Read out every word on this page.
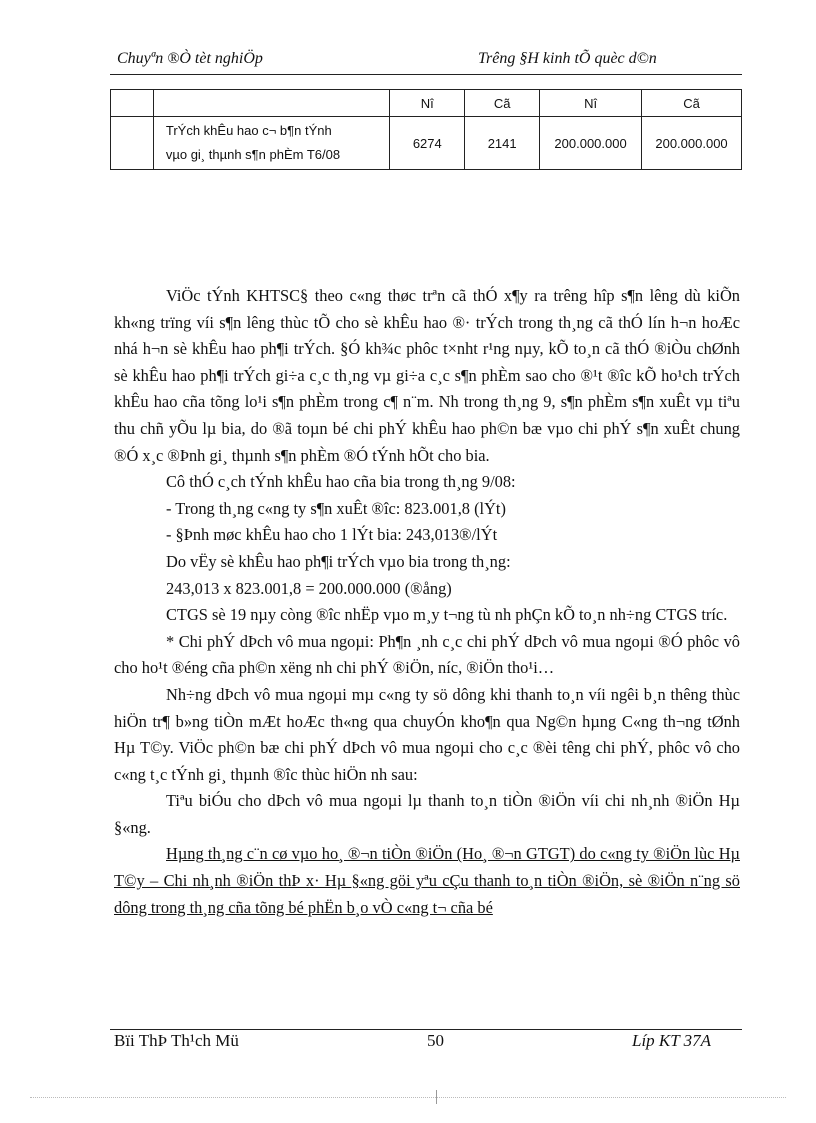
Chuyªn ®Ò tèt nghiÖp	Trêng §H kinh tÕ quèc d©n
		Nî	Cã	Nî	Cã

	TrÝch khÊu hao c¬ b¶n tÝnh
vµo gi¸ thµnh s¶n phÈm T6/08	6274	2141	200.000.000	200.000.000

ViÖc tÝnh KHTSC§ theo c«ng thøc trªn cã thÓ x¶y ra trêng hîp s¶n lêng dù kiÕn kh«ng trïng víi s¶n lêng thùc tÕ cho sè khÊu hao ®· trÝch trong th¸ng cã thÓ lín h¬n hoÆc nhá h¬n sè khÊu hao ph¶i trÝch. §Ó kh¾c phôc t×nht r¹ng nµy, kÕ to¸n cã thÓ ®iÒu chØnh sè khÊu hao ph¶i trÝch gi÷a c¸c th¸ng vµ gi÷a c¸c s¶n phÈm sao cho ®¹t ®îc kÕ ho¹ch trÝch khÊu hao cña tõng lo¹i s¶n phÈm trong c¶ n¨m. Nh trong th¸ng 9, s¶n phÈm s¶n xuÊt vµ tiªu thu chñ yÕu lµ bia, do ®ã toµn bé chi phÝ khÊu hao ph©n bæ vµo chi phÝ s¶n xuÊt chung ®Ó x¸c ®Þnh gi¸ thµnh s¶n phÈm ®Ó tÝnh hÕt cho bia.

Cô thÓ c¸ch tÝnh khÊu hao cña bia trong th¸ng 9/08:

- Trong th¸ng c«ng ty s¶n xuÊt ®îc: 823.001,8 (lÝt)

- §Þnh møc khÊu hao cho 1 lÝt bia: 243,013®/lÝt

Do vËy sè khÊu hao ph¶i trÝch vµo bia trong th¸ng:

243,013 x 823.001,8 = 200.000.000 (®ång)

CTGS sè 19 nµy còng ®îc nhËp vµo m¸y t¬ng tù nh phÇn kÕ to¸n nh÷ng CTGS tríc.

* Chi phÝ dÞch vô mua ngoµi: Ph¶n ¸nh c¸c chi phÝ dÞch vô mua ngoµi ®Ó phôc vô cho ho¹t ®éng cña ph©n xëng nh chi phÝ ®iÖn, níc, ®iÖn tho¹i…

Nh÷ng dÞch vô mua ngoµi mµ c«ng ty sö dông khi thanh to¸n víi ngêi b¸n thêng thùc hiÖn tr¶ b»ng tiÒn mÆt hoÆc th«ng qua chuyÓn kho¶n qua Ng©n hµng C«ng th¬ng tØnh Hµ T©y. ViÖc ph©n bæ chi phÝ dÞch vô mua ngoµi cho c¸c ®èi têng chi phÝ, phôc vô cho c«ng t¸c tÝnh gi¸ thµnh ®îc thùc hiÖn nh sau:

Tiªu biÓu cho dÞch vô mua ngoµi lµ thanh to¸n tiÒn ®iÖn víi chi nh¸nh ®iÖn Hµ §«ng.

Hµng th¸ng c¨n cø vµo ho¸ ®¬n tiÒn ®iÖn (Ho¸ ®¬n GTGT) do c«ng ty ®iÖn lùc Hµ T©y – Chi nh¸nh ®iÖn thÞ x· Hµ §«ng göi yªu cÇu thanh to¸n tiÒn ®iÖn, sè ®iÖn n¨ng sö dông trong th¸ng cña tõng bé phËn b¸o vÒ c«ng t¬ cña bé

Bïi ThÞ Th¹ch Mü	50	Líp KT 37A
